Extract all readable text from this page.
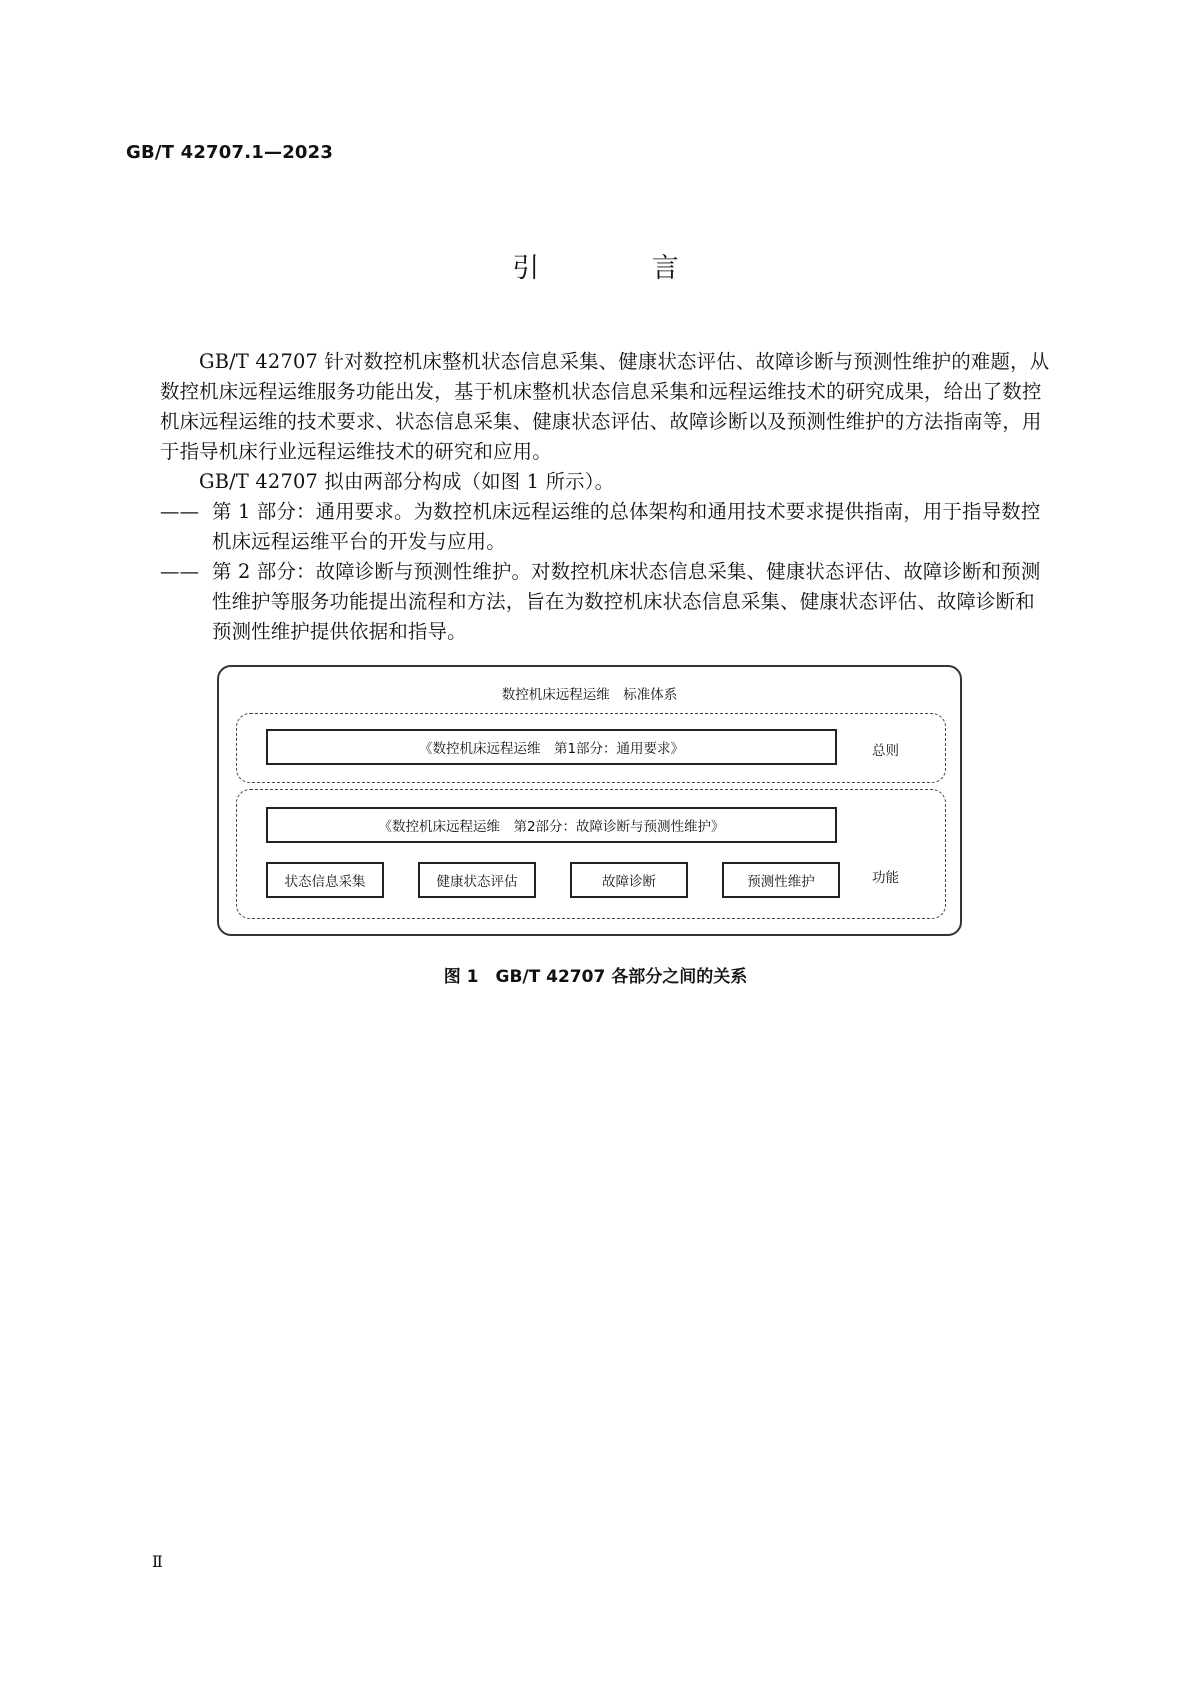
GB/T 42707.1—2023
引 言

GB/T 42707 针对数控机床整机状态信息采集、健康状态评估、故障诊断与预测性维护的难题，从数控机床远程运维服务功能出发，基于机床整机状态信息采集和远程运维技术的研究成果，给出了数控机床远程运维的技术要求、状态信息采集、健康状态评估、故障诊断以及预测性维护的方法指南等，用于指导机床行业远程运维技术的研究和应用。

GB/T 42707 拟由两部分构成（如图 1 所示）。

—— 第 1 部分：通用要求。为数控机床远程运维的总体架构和通用技术要求提供指南，用于指导数控机床远程运维平台的开发与应用。

—— 第 2 部分：故障诊断与预测性维护。对数控机床状态信息采集、健康状态评估、故障诊断和预测性维护等服务功能提出流程和方法，旨在为数控机床状态信息采集、健康状态评估、故障诊断和预测性维护提供依据和指导。

数控机床远程运维　标准体系
《数控机床远程运维　第1部分：通用要求》	总则
《数控机床远程运维　第2部分：故障诊断与预测性维护》
功能
状态信息采集	健康状态评估	故障诊断	预测性维护
图 1　GB/T 42707 各部分之间的关系
Ⅱ
